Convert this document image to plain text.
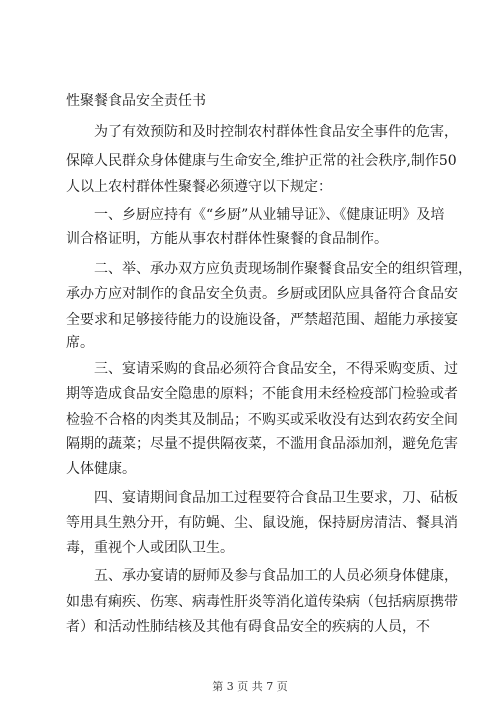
性聚餐食品安全责任书
　　为了有效预防和及时控制农村群体性食品安全事件的危害，
保障人民群众身体健康与生命安全,维护正常的社会秩序,制作50
人以上农村群体性聚餐必须遵守以下规定：
　　一、乡厨应持有《“乡厨”从业辅导证》、《健康证明》及培
训合格证明，方能从事农村群体性聚餐的食品制作。
　　二、举、承办双方应负责现场制作聚餐食品安全的组织管理，
承办方应对制作的食品安全负责。乡厨或团队应具备符合食品安
全要求和足够接待能力的设施设备，严禁超范围、超能力承接宴
席。
　　三、宴请采购的食品必须符合食品安全，不得采购变质、过
期等造成食品安全隐患的原料；不能食用未经检疫部门检验或者
检验不合格的肉类其及制品；不购买或采收没有达到农药安全间
隔期的蔬菜；尽量不提供隔夜菜，不滥用食品添加剂，避免危害
人体健康。
　　四、宴请期间食品加工过程要符合食品卫生要求，刀、砧板
等用具生熟分开，有防蝇、尘、鼠设施，保持厨房清洁、餐具消
毒，重视个人或团队卫生。
　　五、承办宴请的厨师及参与食品加工的人员必须身体健康，
如患有痢疾、伤寒、病毒性肝炎等消化道传染病（包括病原携带
者）和活动性肺结核及其他有碍食品安全的疾病的人员，不
第 3 页 共 7 页
